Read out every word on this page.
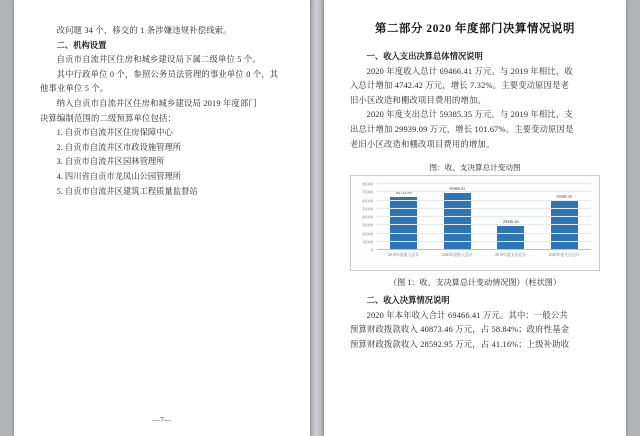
改问题 34 个，移交的 1 条涉嫌违规补偿线索。

二、机构设置

自贡市自流井区住房和城乡建设局下属二级单位 5 个。

其中行政单位 0 个，参照公务员法管理的事业单位 0 个，其

他事业单位 5 个。

纳入自贡市自流井区住房和城乡建设局 2019 年度部门

决算编制范围的二级预算单位包括：

1. 自贡市自流井区住房保障中心

2. 自贡市自流井区市政设施管理所

3. 自贡市自流井区园林管理所

4. 四川省自贡市龙凤山公园管理所

5. 自贡市自流井区建筑工程质量监督站

—7—
第二部分 2020 年度部门决算情况说明

一、收入支出决算总体情况说明

2020 年度收入总计 69466.41 万元。与 2019 年相比，收

入总计增加 4742.42 万元，增长 7.32%。主要变动原因是老

旧小区改造和棚改项目费用的增加。

2020 年度支出总计 59385.35 万元。与 2019 年相比，支

出总计增加 29939.09 万元，增长 101.67%。主要变动原因是

老旧小区改造和棚改项目费用的增加。

图：收、支决算总计变动图
0
10000
20000
30000
40000
50000
60000
70000
80000
69466.41
29446.26
59385.35
2019年度收入总计	2020年度收入总计	2019年度支出总计	2020年度支出总计
（图 1：收、支决算总计变动情况图）（柱状图）

二、收入决算情况说明

2020 年本年收入合计 69466.41 万元。其中：一般公共

预算财政拨款收入 40873.46 万元，占 58.84%；政府性基金

预算财政拨款收入 28592.95 万元，占 41.16%；上级补助收
